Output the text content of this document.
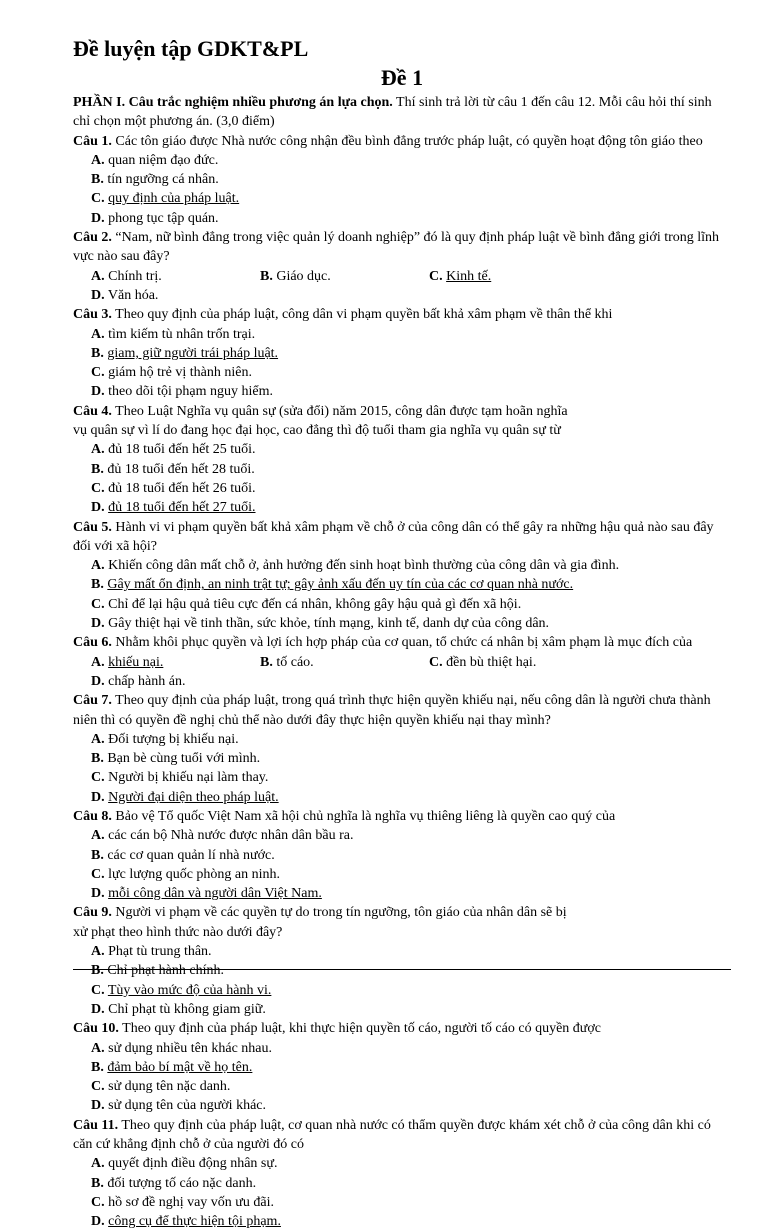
Đề luyện tập GDKT&PL
Đề 1

PHẦN I. Câu trắc nghiệm nhiều phương án lựa chọn. Thí sinh trả lời từ câu 1 đến câu 12. Mỗi câu hỏi thí sinh chỉ chọn một phương án. (3,0 điểm)

Câu 1. Các tôn giáo được Nhà nước công nhận đều bình đẳng trước pháp luật, có quyền hoạt động tôn giáo theo

A. quan niệm đạo đức.
B. tín ngưỡng cá nhân.
C. quy định của pháp luật.
D. phong tục tập quán.

Câu 2. “Nam, nữ bình đẳng trong việc quản lý doanh nghiệp” đó là quy định pháp luật về bình đẳng giới trong lĩnh vực nào sau đây?

A. Chính trị.	B. Giáo dục.	C. Kinh tế.
D. Văn hóa.

Câu 3. Theo quy định của pháp luật, công dân vi phạm quyền bất khả xâm phạm về thân thể khi

A. tìm kiếm tù nhân trốn trại.
B. giam, giữ người trái pháp luật.
C. giám hộ trẻ vị thành niên.
D. theo dõi tội phạm nguy hiểm.

Câu 4. Theo Luật Nghĩa vụ quân sự (sửa đổi) năm 2015, công dân được tạm hoãn nghĩa

vụ quân sự vì lí do đang học đại học, cao đẳng thì độ tuổi tham gia nghĩa vụ quân sự từ

A. đủ 18 tuổi đến hết 25 tuổi.
B. đủ 18 tuổi đến hết 28 tuổi.
C. đủ 18 tuổi đến hết 26 tuổi.
D. đủ 18 tuổi đến hết 27 tuổi.

Câu 5. Hành vi vi phạm quyền bất khả xâm phạm về chỗ ở của công dân có thể gây ra những hậu quả nào sau đây đối với xã hội?

A. Khiến công dân mất chỗ ở, ảnh hưởng đến sinh hoạt bình thường của công dân và gia đình.
B. Gây mất ổn định, an ninh trật tự; gây ảnh xấu đến uy tín của các cơ quan nhà nước.
C. Chỉ để lại hậu quả tiêu cực đến cá nhân, không gây hậu quả gì đến xã hội.
D. Gây thiệt hại về tinh thần, sức khỏe, tính mạng, kinh tế, danh dự của công dân.

Câu 6. Nhằm khôi phục quyền và lợi ích hợp pháp của cơ quan, tổ chức cá nhân bị xâm phạm là mục đích của

A. khiếu nại.	B. tố cáo.	C. đền bù thiệt hại.
D. chấp hành án.

Câu 7. Theo quy định của pháp luật, trong quá trình thực hiện quyền khiếu nại, nếu công dân là người chưa thành niên thì có quyền đề nghị chủ thể nào dưới đây thực hiện quyền khiếu nại thay mình?

A. Đối tượng bị khiếu nại.
B. Bạn bè cùng tuổi với mình.
C. Người bị khiếu nại làm thay.
D. Người đại diện theo pháp luật.

Câu 8. Bảo vệ Tổ quốc Việt Nam xã hội chủ nghĩa là nghĩa vụ thiêng liêng là quyền cao quý của

A. các cán bộ Nhà nước được nhân dân bầu ra.
B. các cơ quan quản lí nhà nước.
C. lực lượng quốc phòng an ninh.
D. mỗi công dân và người dân Việt Nam.

Câu 9. Người vi phạm về các quyền tự do trong tín ngưỡng, tôn giáo của nhân dân sẽ bị

xử phạt theo hình thức nào dưới đây?

A. Phạt tù trung thân.
B. Chỉ phạt hành chính.
C. Tùy vào mức độ của hành vi.
D. Chỉ phạt tù không giam giữ.

Câu 10. Theo quy định của pháp luật, khi thực hiện quyền tố cáo, người tố cáo có quyền được

A. sử dụng nhiều tên khác nhau.
B. đảm bảo bí mật về họ tên.
C. sử dụng tên nặc danh.
D. sử dụng tên của người khác.

Câu 11. Theo quy định của pháp luật, cơ quan nhà nước có thẩm quyền được khám xét chỗ ở của công dân khi có căn cứ khẳng định chỗ ở của người đó có

A. quyết định điều động nhân sự.
B. đối tượng tố cáo nặc danh.
C. hồ sơ đề nghị vay vốn ưu đãi.
D. công cụ để thực hiện tội phạm.
